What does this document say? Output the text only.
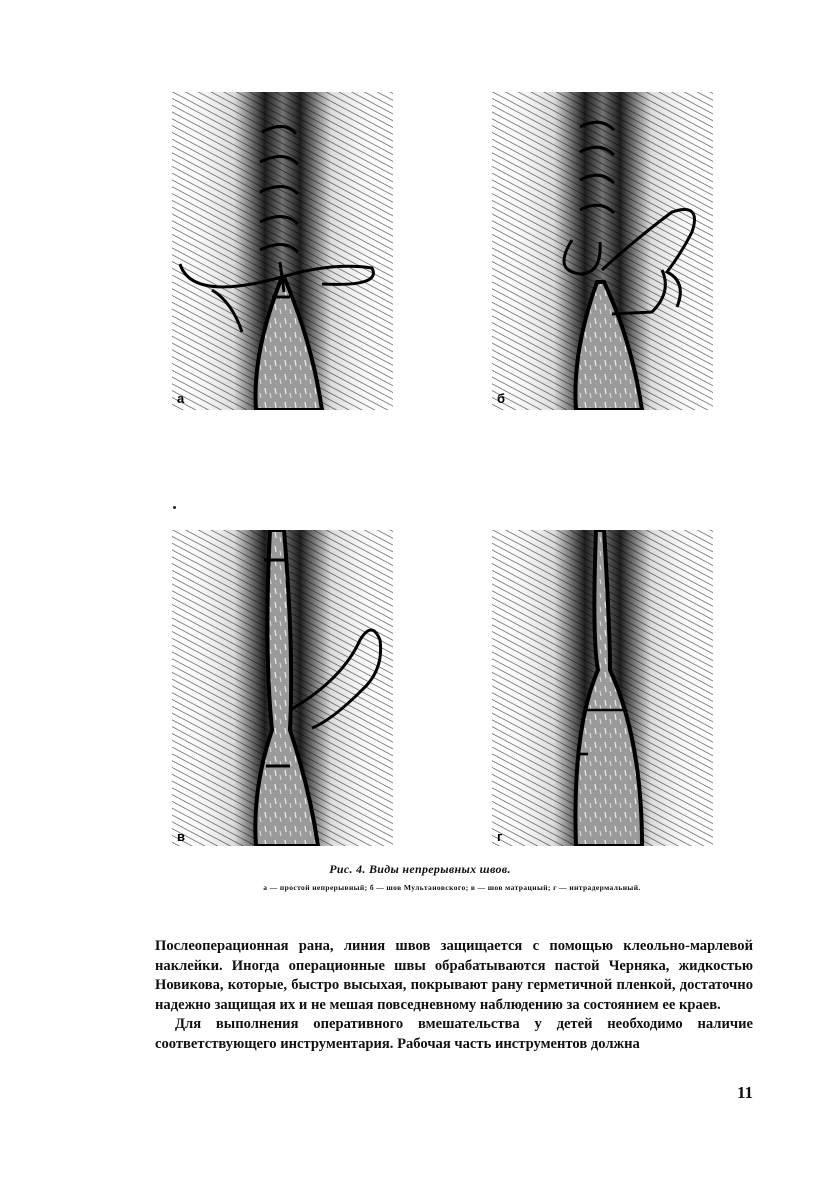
а	б
в	г
Рис. 4. Виды непрерывных швов.
а — простой непрерывный; б — шов Мультановского; в — шов матрацный; г — интрадермальный.

Послеоперационная рана, линия швов защищается с помощью клеольно-марлевой наклейки. Иногда операционные швы обрабатываются пастой Черняка, жидкостью Новикова, которые, быстро высыхая, покрывают рану герметичной пленкой, достаточно надежно защищая их и не мешая повседневному наблюдению за состоянием ее краев.

Для выполнения оперативного вмешательства у детей необходимо наличие соответствующего инструментария. Рабочая часть инструментов должна

11
